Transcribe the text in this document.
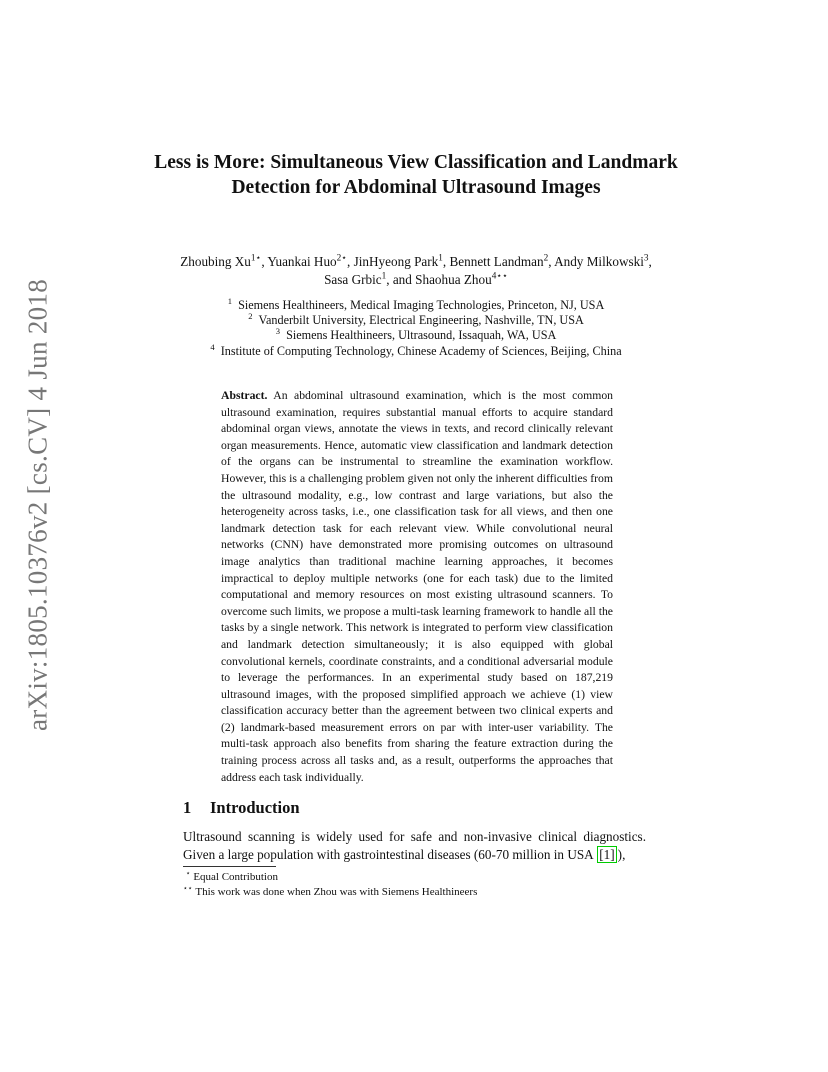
arXiv:1805.10376v2 [cs.CV] 4 Jun 2018
Less is More: Simultaneous View Classification and Landmark Detection for Abdominal Ultrasound Images
Zhoubing $Xu^{1⋆}$, Yuankai Huo$^{2⋆}$, JinHyeong Park$^1$, Bennett Landman$^2$, Andy Milkowski$^3$, Sasa Grbic$^1$, and Shaohua Zhou$^{4⋆⋆}$
$^1$ Siemens Healthineers, Medical Imaging Technologies, Princeton, NJ, USA
$^2$ Vanderbilt University, Electrical Engineering, Nashville, TN, USA
$^3$ Siemens Healthineers, Ultrasound, Issaquah, WA, USA
$^4$ Institute of Computing Technology, Chinese Academy of Sciences, Beijing, China
Abstract. An abdominal ultrasound examination, which is the most common ultrasound examination, requires substantial manual efforts to acquire standard abdominal organ views, annotate the views in texts, and record clinically relevant organ measurements. Hence, automatic view classification and landmark detection of the organs can be instrumental to streamline the examination workflow. However, this is a challenging problem given not only the inherent difficulties from the ultrasound modality, e.g., low contrast and large variations, but also the heterogeneity across tasks, i.e., one classification task for all views, and then one landmark detection task for each relevant view. While convolutional neural networks (CNN) have demonstrated more promising outcomes on ultrasound image analytics than traditional machine learning approaches, it becomes impractical to deploy multiple networks (one for each task) due to the limited computational and memory resources on most existing ultrasound scanners. To overcome such limits, we propose a multi-task learning framework to handle all the tasks by a single network. This network is integrated to perform view classification and landmark detection simultaneously; it is also equipped with global convolutional kernels, coordinate constraints, and a conditional adversarial module to leverage the performances. In an experimental study based on 187,219 ultrasound images, with the proposed simplified approach we achieve (1) view classification accuracy better than the agreement between two clinical experts and (2) landmark-based measurement errors on par with inter-user variability. The multi-task approach also benefits from sharing the feature extraction during the training process across all tasks and, as a result, outperforms the approaches that address each task individually.
1 Introduction
Ultrasound scanning is widely used for safe and non-invasive clinical diagnostics. Given a large population with gastrointestinal diseases (60-70 million in USA [1] ),
⋆ Equal Contribution
⋆⋆ This work was done when Zhou was with Siemens Healthineers
